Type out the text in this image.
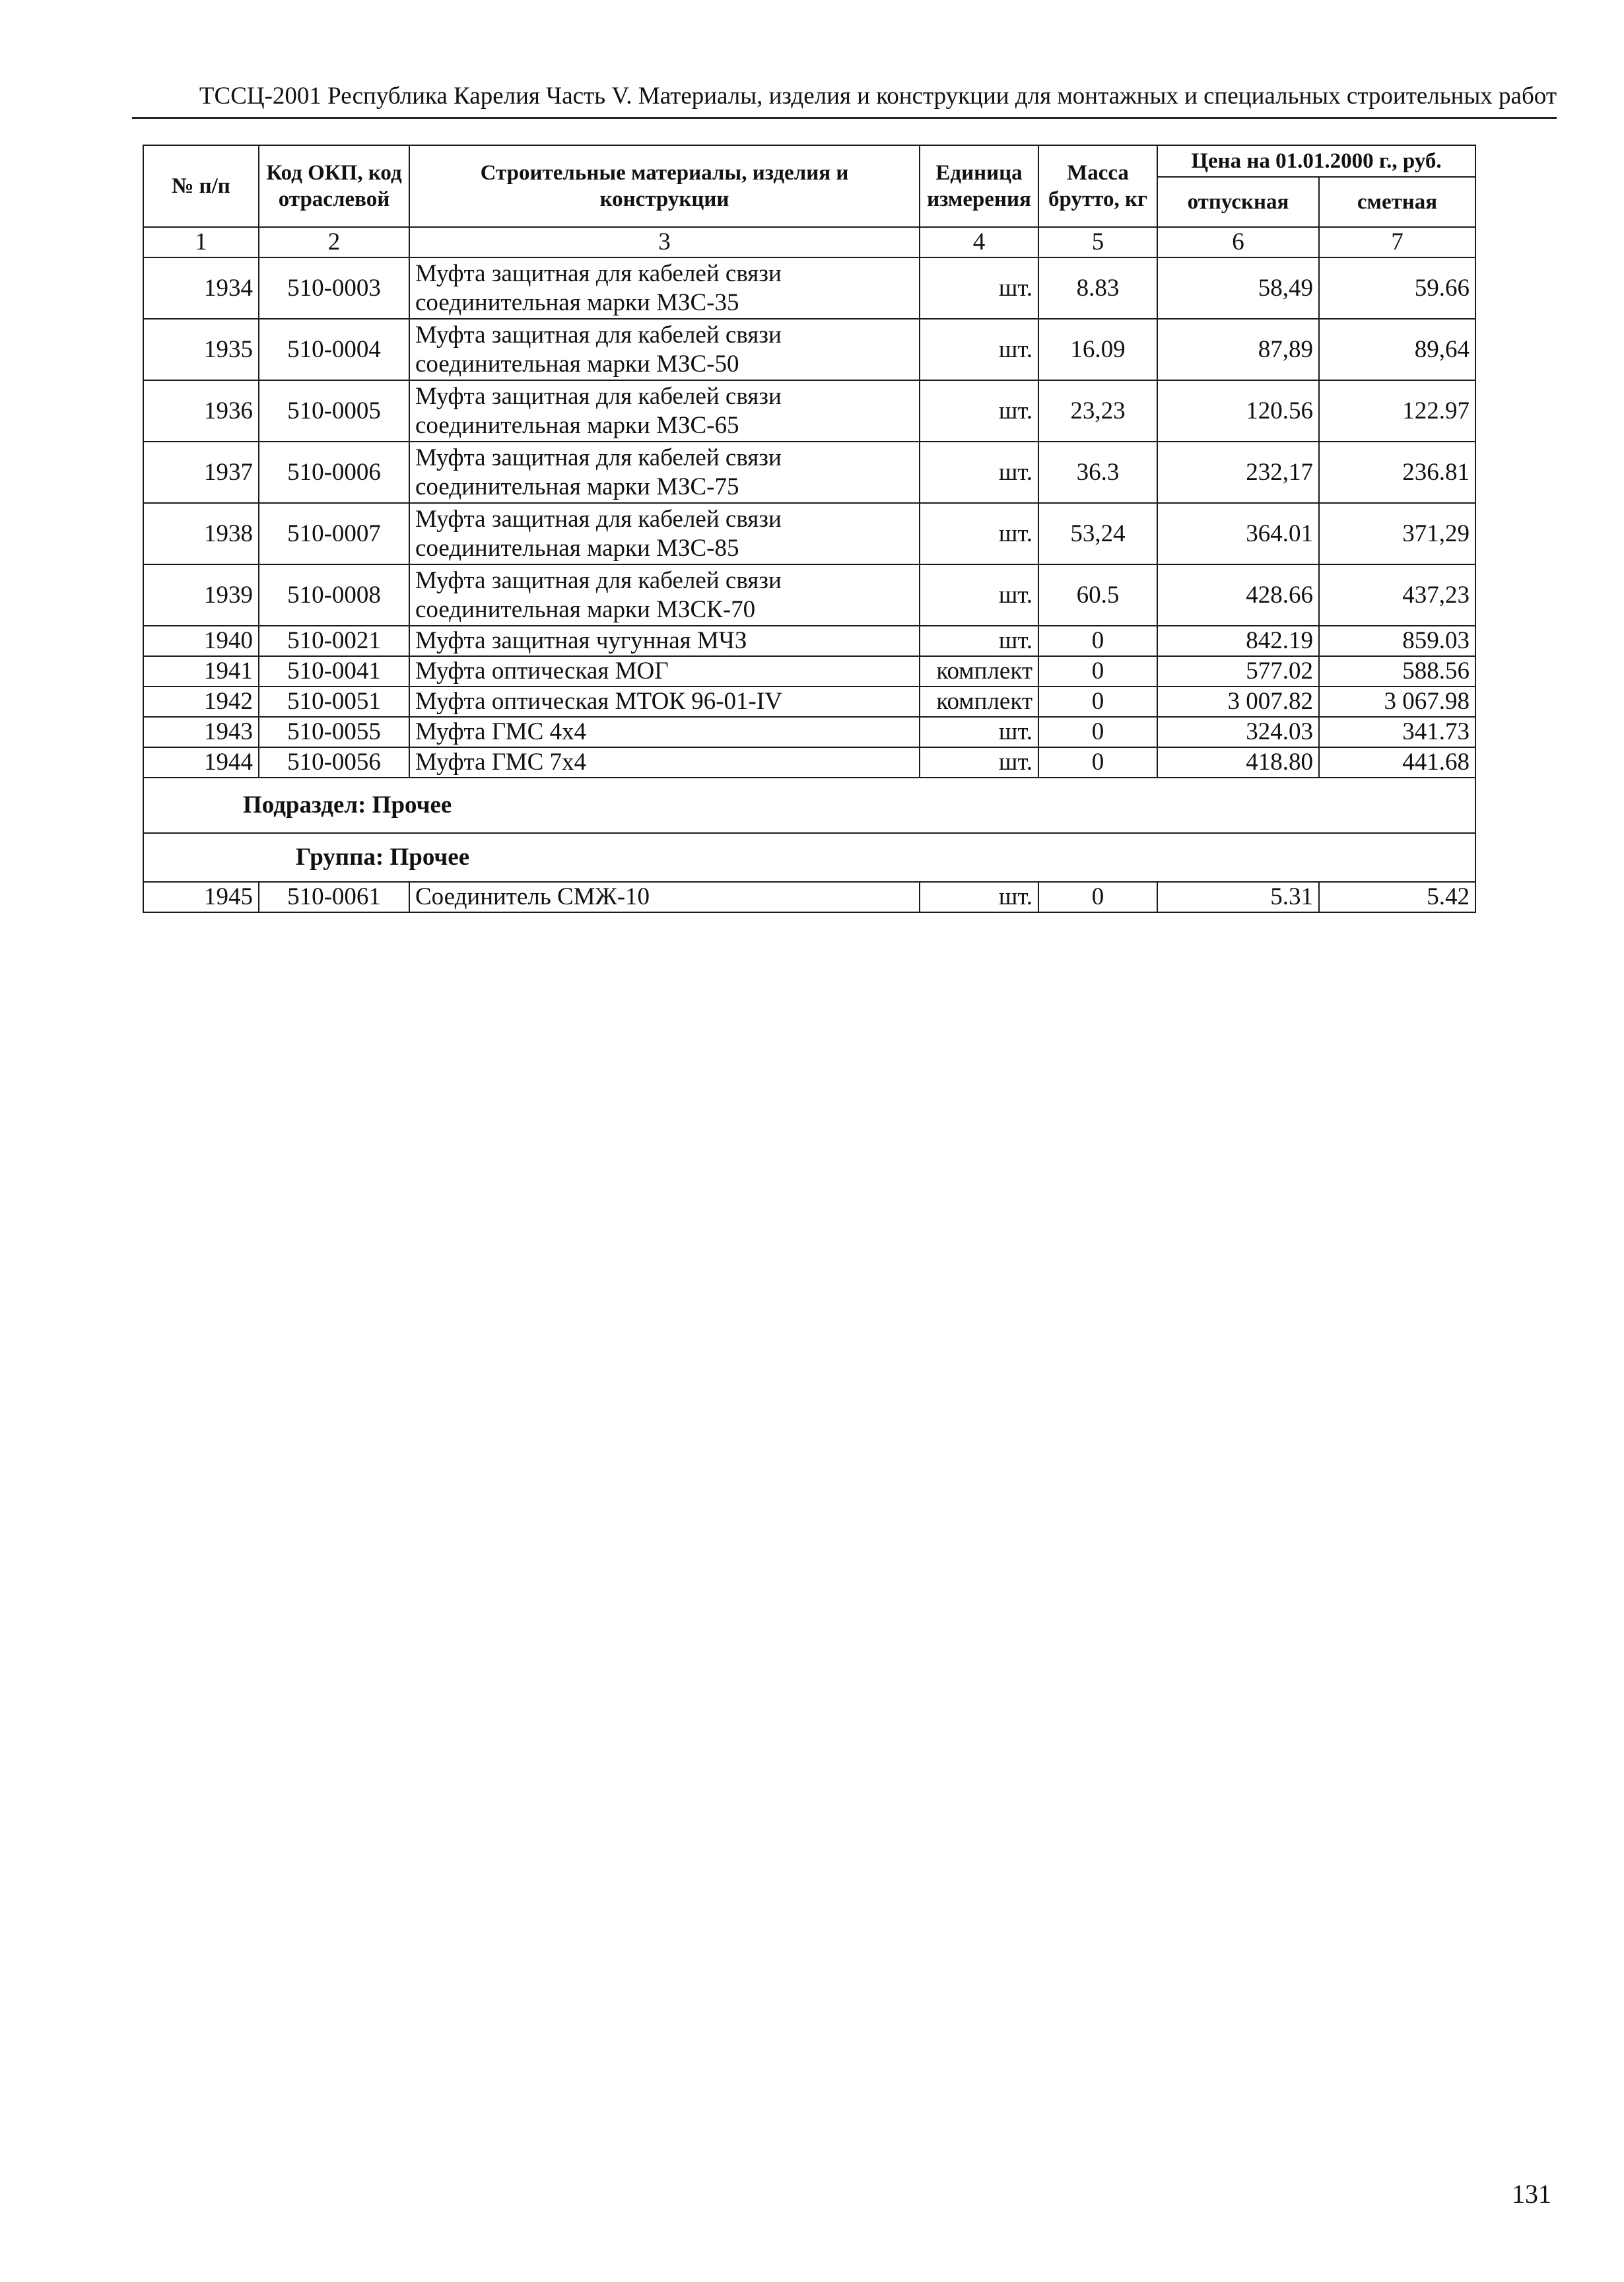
ТССЦ-2001 Республика Карелия Часть V. Материалы, изделия и конструкции для монтажных и специальных строительных работ
№ п/п	Код ОКП, код отраслевой	Строительные материалы, изделия и конструкции	Единица измерения	Масса брутто, кг	Цена на 01.01.2000 г., руб.	
					отпускная	сметная
1	2	3	4	5	6	7
1934	510-0003	Муфта защитная для кабелей связи соединительная марки МЗС-35	шт.	8.83	58,49	59.66
1935	510-0004	Муфта защитная для кабелей связи соединительная марки МЗС-50	шт.	16.09	87,89	89,64
1936	510-0005	Муфта защитная для кабелей связи соединительная марки МЗС-65	шт.	23,23	120.56	122.97
1937	510-0006	Муфта защитная для кабелей связи соединительная марки МЗС-75	шт.	36.3	232,17	236.81
1938	510-0007	Муфта защитная для кабелей связи соединительная марки МЗС-85	шт.	53,24	364.01	371,29
1939	510-0008	Муфта защитная для кабелей связи соединительная марки МЗСК-70	шт.	60.5	428.66	437,23
1940	510-0021	Муфта защитная чугунная МЧЗ	шт.	0	842.19	859.03
1941	510-0041	Муфта оптическая МОГ	комплект	0	577.02	588.56
1942	510-0051	Муфта оптическая МТОК 96-01-IV	комплект	0	3 007.82	3 067.98
1943	510-0055	Муфта ГМС 4x4	шт.	0	324.03	341.73
1944	510-0056	Муфта ГМС 7x4	шт.	0	418.80	441.68
Подраздел: Прочее						
Группа: Прочее						
1945	510-0061	Соединитель СМЖ-10	шт.	0	5.31	5.42
131
